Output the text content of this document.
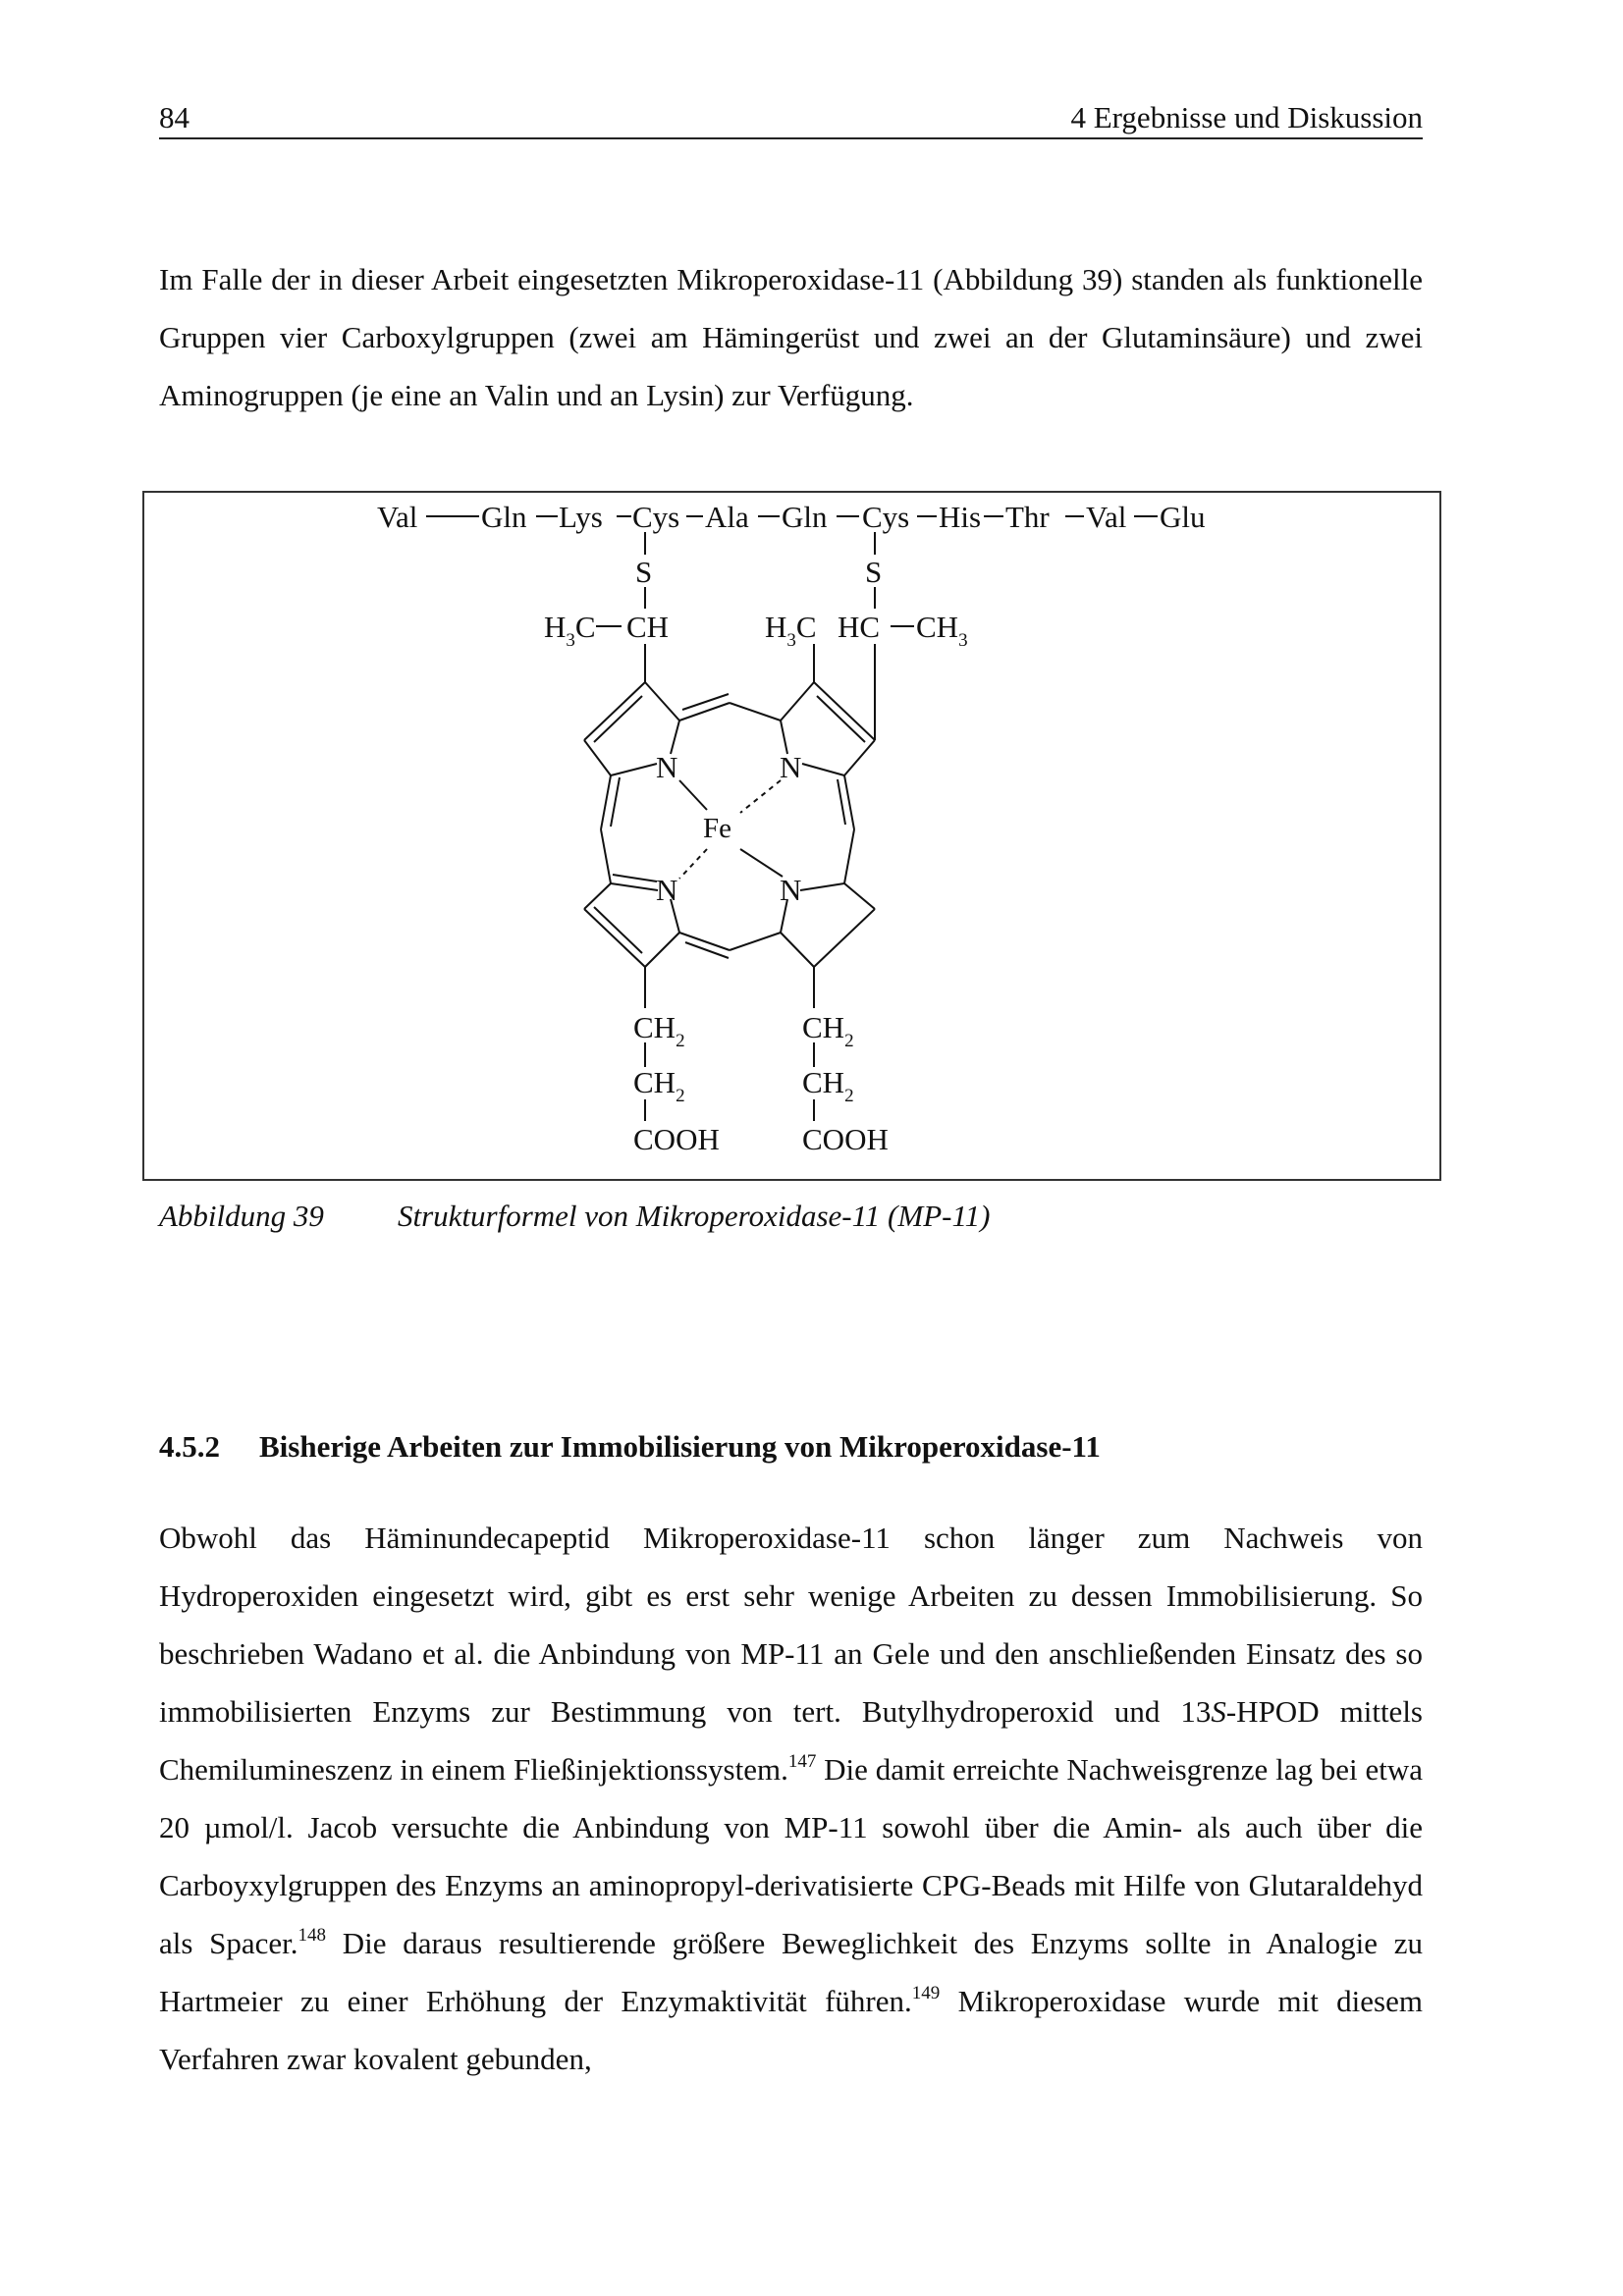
84	4 Ergebnisse und Diskussion

Im Falle der in dieser Arbeit eingesetzten Mikroperoxidase-11 (Abbildung 39) standen als funktionelle Gruppen vier Carboxylgruppen (zwei am Hämingerüst und zwei an der Glutaminsäure) und zwei Aminogruppen (je eine an Valin und an Lysin) zur Verfügung.

Val Gln Lys Cys Ala Gln Cys His Thr Val Glu
S	S
$H_3C$ CH	$H_3C$ HC $CH_3$
N	N
N	N
Fe
$CH_2$
$CH_2$
COOH
$CH_2$
$CH_2$
COOH
Abbildung 39 Strukturformel von Mikroperoxidase-11 (MP-11)
4.5.2 Bisherige Arbeiten zur Immobilisierung von Mikroperoxidase-11

Obwohl das Häminundecapeptid Mikroperoxidase-11 schon länger zum Nachweis von Hydroperoxiden eingesetzt wird, gibt es erst sehr wenige Arbeiten zu dessen Immobilisierung. So beschrieben Wadano et al. die Anbindung von MP-11 an Gele und den anschließenden Einsatz des so immobilisierten Enzyms zur Bestimmung von tert. Butylhydroperoxid und 13S-HPOD mittels Chemilumineszenz in einem Fließinjektionssystem.$^{147}$ Die damit erreichte Nachweisgrenze lag bei etwa 20 µmol/l. Jacob versuchte die Anbindung von MP-11 sowohl über die Amin- als auch über die Carboyxylgruppen des Enzyms an aminopropyl-derivatisierte CPG-Beads mit Hilfe von Glutaraldehyd als Spacer.$^{148}$ Die daraus resultierende größere Beweglichkeit des Enzyms sollte in Analogie zu Hartmeier zu einer Erhöhung der Enzymaktivität führen.$^{149}$ Mikroperoxidase wurde mit diesem Verfahren zwar kovalent gebunden,
